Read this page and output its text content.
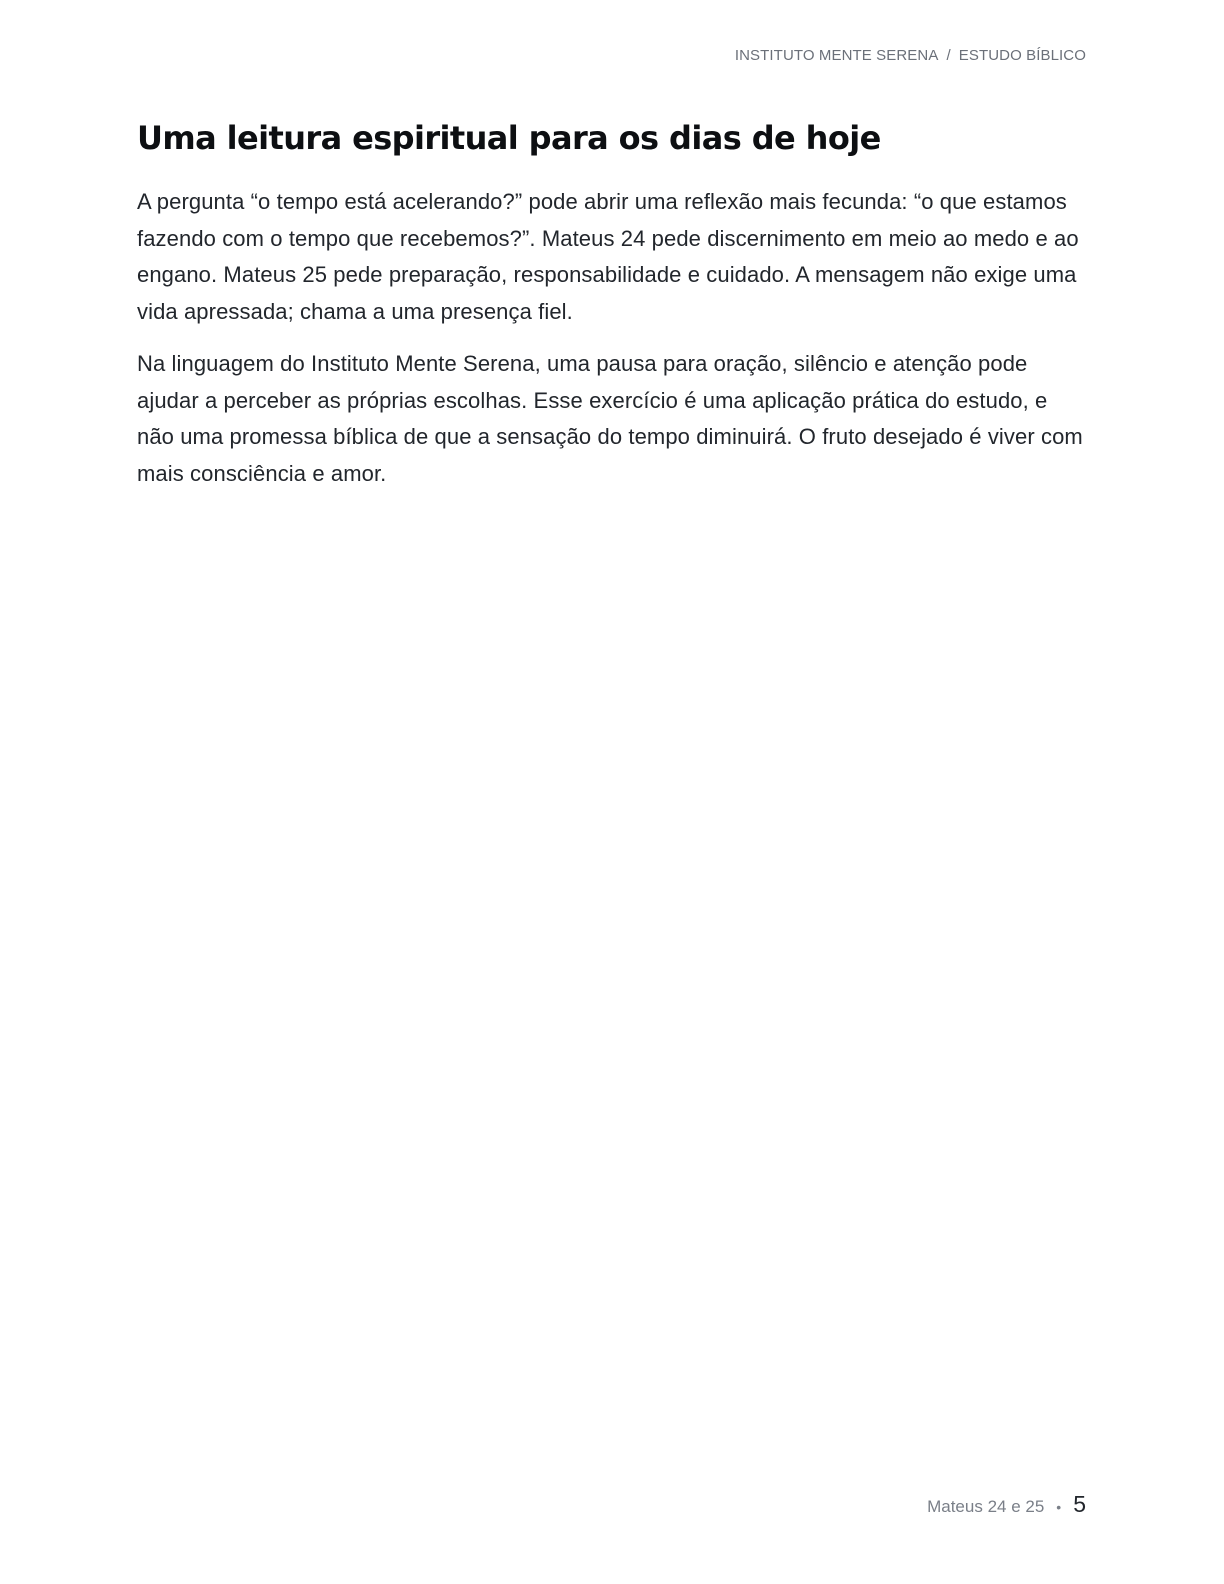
INSTITUTO MENTE SERENA / ESTUDO BÍBLICO
Uma leitura espiritual para os dias de hoje

A pergunta “o tempo está acelerando?” pode abrir uma reflexão mais fecunda: “o que estamos fazendo com o tempo que recebemos?”. Mateus 24 pede discernimento em meio ao medo e ao engano. Mateus 25 pede preparação, responsabilidade e cuidado. A mensagem não exige uma vida apressada; chama a uma presença fiel.

Na linguagem do Instituto Mente Serena, uma pausa para oração, silêncio e atenção pode ajudar a perceber as próprias escolhas. Esse exercício é uma aplicação prática do estudo, e não uma promessa bíblica de que a sensação do tempo diminuirá. O fruto desejado é viver com mais consciência e amor.

Mateus 24 e 25 • 5
